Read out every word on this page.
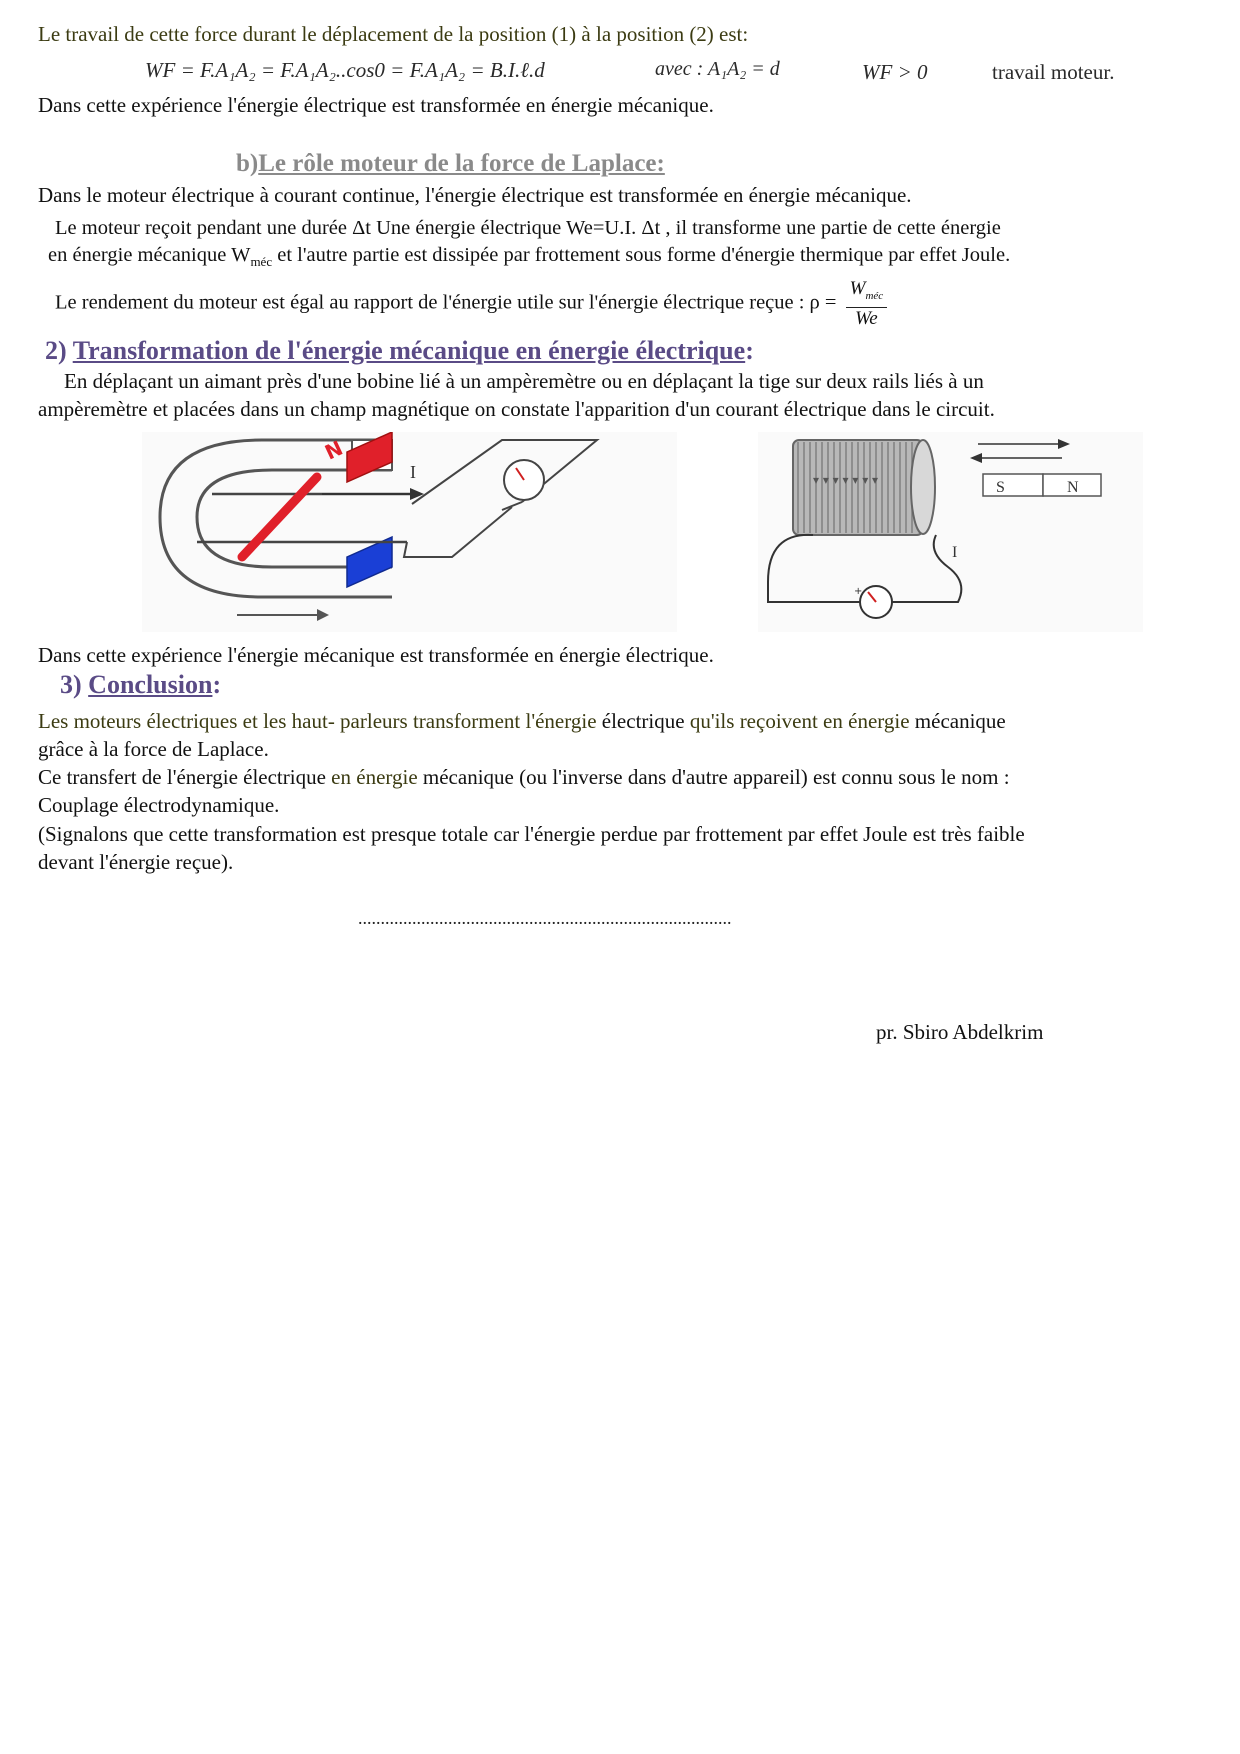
Le travail de cette force durant le déplacement de la position (1) à la position (2) est:
WF = F.A₁A₂ = F.A₁A₂..cos0 = F.A₁A₂ = B.I.ℓ.d	avec : A₁A₂ = d	WF > 0	travail moteur.
Dans cette expérience l'énergie électrique est transformée en énergie mécanique.
b)Le rôle moteur de la force de Laplace:
Dans le moteur électrique à courant continue, l'énergie électrique est transformée en énergie mécanique.
Le moteur reçoit pendant une durée Δt Une énergie électrique We=U.I. Δt , il transforme une partie de cette énergie
en énergie mécanique $W_{méc}$ et l'autre partie est dissipée par frottement sous forme d'énergie thermique par effet Joule.
Le rendement du moteur est égal au rapport de l'énergie utile sur l'énergie électrique reçue : $\rho = \frac{W_{méc}}{We}$
2) Transformation de l'énergie mécanique en énergie électrique:
En déplaçant un aimant près d'une bobine lié à un ampèremètre ou en déplaçant la tige sur deux rails liés à un
ampèremètre et placées dans un champ magnétique on constate l'apparition d'un courant électrique dans le circuit.
N
I	▾ ▾ ▾ ▾ ▾ ▾ ▾
+
I
S	N
Dans cette expérience l'énergie mécanique est transformée en énergie électrique.
3) Conclusion:
Les moteurs électriques et les haut- parleurs transforment l'énergie électrique qu'ils reçoivent en énergie mécanique
grâce à la force de Laplace.
Ce transfert de l'énergie électrique en énergie mécanique (ou l'inverse dans d'autre appareil) est connu sous le nom :
Couplage électrodynamique.
(Signalons que cette transformation est presque totale car l'énergie perdue par frottement par effet Joule est très faible
devant l'énergie reçue).
...................................................................................
pr. Sbiro Abdelkrim
